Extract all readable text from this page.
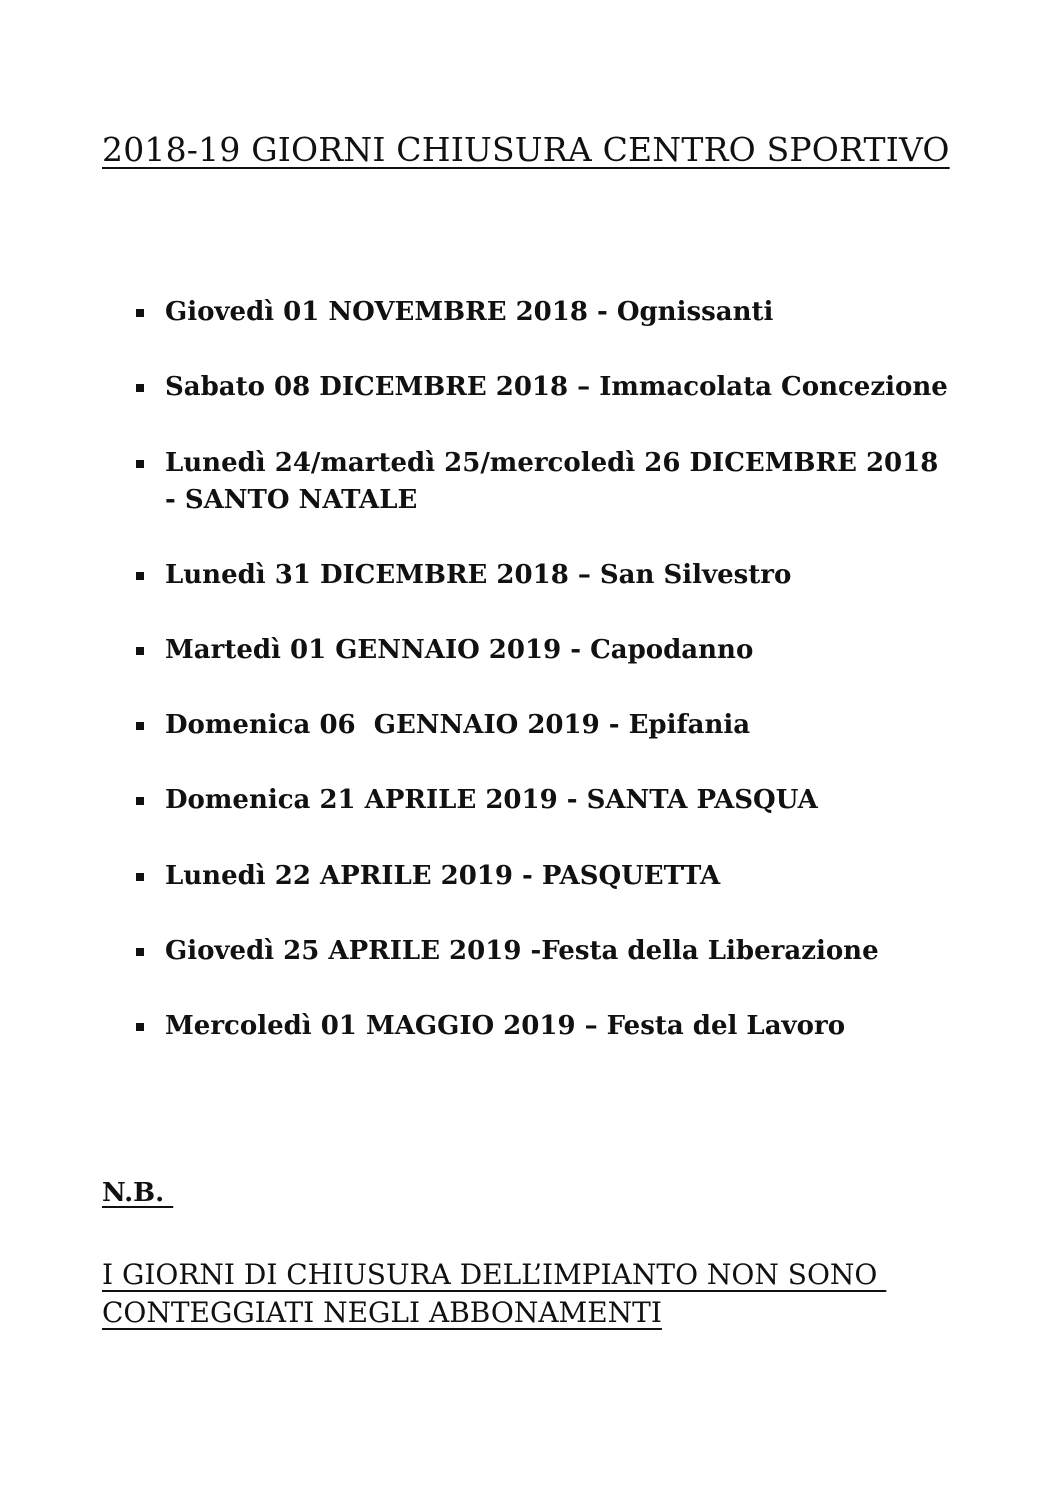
2018-19 GIORNI CHIUSURA CENTRO SPORTIVO
Giovedì 01 NOVEMBRE 2018 - Ognissanti
Sabato 08 DICEMBRE 2018 – Immacolata Concezione
Lunedì 24/martedì 25/mercoledì 26 DICEMBRE 2018
- SANTO NATALE
Lunedì 31 DICEMBRE 2018 – San Silvestro
Martedì 01 GENNAIO 2019 - Capodanno
Domenica 06  GENNAIO 2019 - Epifania
Domenica 21 APRILE 2019 - SANTA PASQUA
Lunedì 22 APRILE 2019 - PASQUETTA
Giovedì 25 APRILE 2019 -Festa della Liberazione
Mercoledì 01 MAGGIO 2019 – Festa del Lavoro

N.B.

I GIORNI DI CHIUSURA DELL’IMPIANTO NON SONO
CONTEGGIATI NEGLI ABBONAMENTI
